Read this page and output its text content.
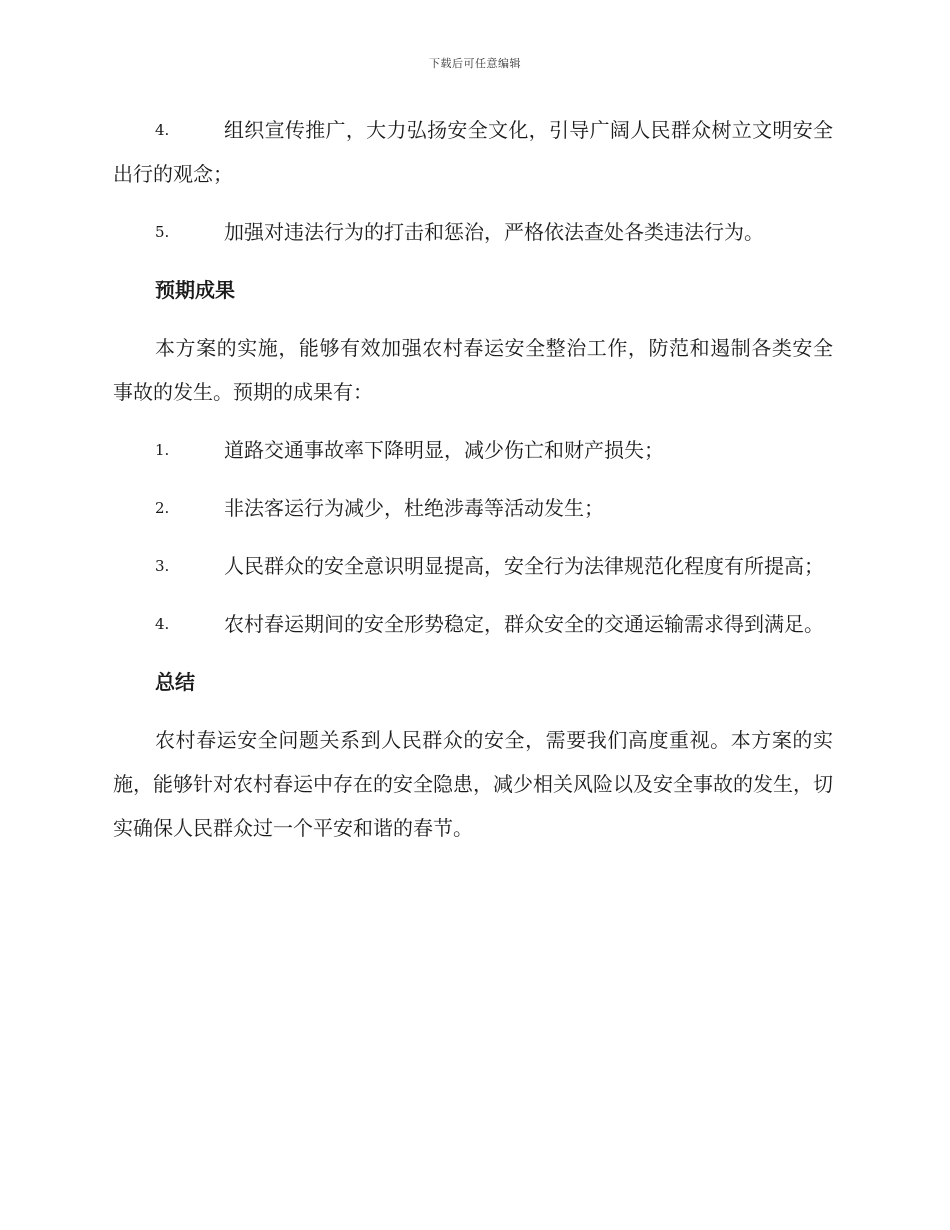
下载后可任意编辑
4.	组织宣传推广，大力弘扬安全文化，引导广阔人民群众树立文明安全出行的观念；
5.	加强对违法行为的打击和惩治，严格依法查处各类违法行为。
预期成果

本方案的实施，能够有效加强农村春运安全整治工作，防范和遏制各类安全事故的发生。预期的成果有：

1.	道路交通事故率下降明显，减少伤亡和财产损失；
2.	非法客运行为减少，杜绝涉毒等活动发生；
3.	人民群众的安全意识明显提高，安全行为法律规范化程度有所提高；
4.	农村春运期间的安全形势稳定，群众安全的交通运输需求得到满足。
总结

农村春运安全问题关系到人民群众的安全，需要我们高度重视。本方案的实施，能够针对农村春运中存在的安全隐患，减少相关风险以及安全事故的发生，切实确保人民群众过一个平安和谐的春节。
